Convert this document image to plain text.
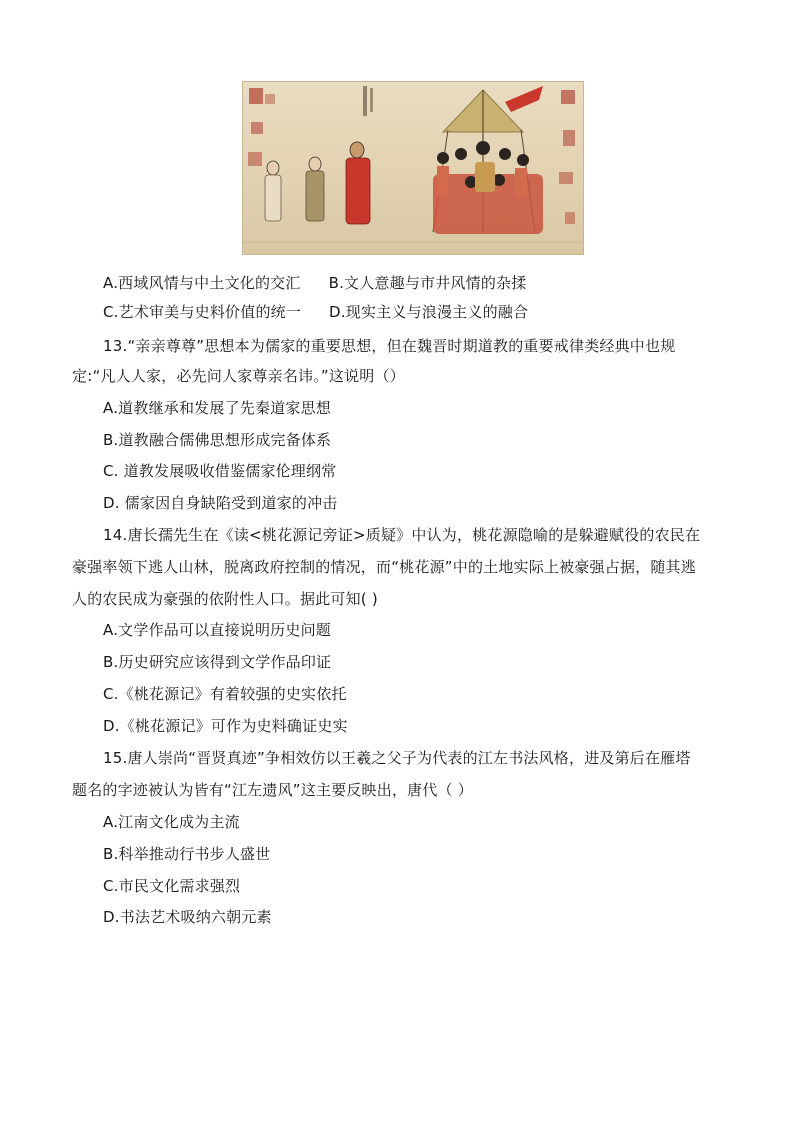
A.西域风情与中土文化的交汇 B.文人意趣与市井风情的杂揉
C.艺术审美与史料价值的统一 D.现实主义与浪漫主义的融合
13.“亲亲尊尊”思想本为儒家的重要思想，但在魏晋时期道教的重要戒律类经典中也规
定:“凡人人家，必先问人家尊亲名讳。”这说明（）
A.道教继承和发展了先秦道家思想
B.道教融合儒佛思想形成完备体系
C. 道教发展吸收借鉴儒家伦理纲常
D. 儒家因自身缺陷受到道家的冲击
14.唐长孺先生在《读<桃花源记旁证>质疑》中认为，桃花源隐喻的是躲避赋役的农民在
豪强率领下逃人山林，脱离政府控制的情况，而“桃花源”中的土地实际上被豪强占据，随其逃
人的农民成为豪强的依附性人口。据此可知( )
A.文学作品可以直接说明历史问题
B.历史研究应该得到文学作品印证
C.《桃花源记》有着较强的史实依托
D.《桃花源记》可作为史料确证史实
15.唐人崇尚“晋贤真迹”争相效仿以王羲之父子为代表的江左书法风格，进及第后在雁塔
题名的字迹被认为皆有“江左遗风”这主要反映出，唐代（ ）
A.江南文化成为主流
B.科举推动行书步人盛世
C.市民文化需求强烈
D.书法艺术吸纳六朝元素
